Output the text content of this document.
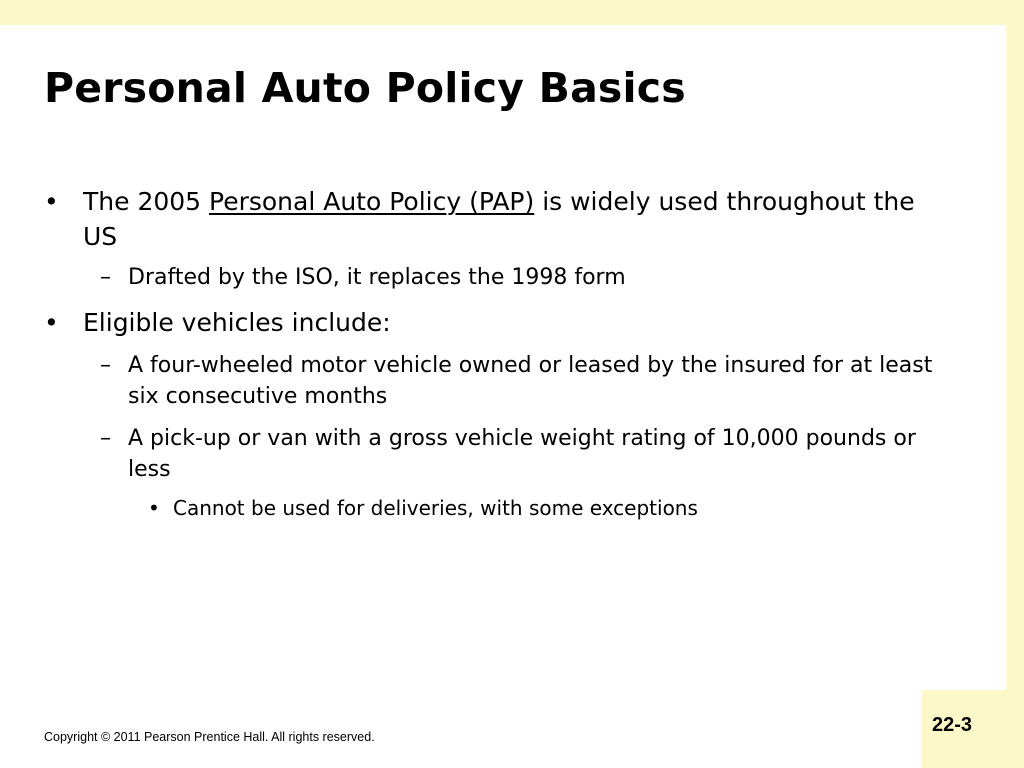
Personal Auto Policy Basics

• The 2005 Personal Auto Policy (PAP) is widely used throughout the US

– Drafted by the ISO, it replaces the 1998 form

• Eligible vehicles include:

– A four-wheeled motor vehicle owned or leased by the insured for at least six consecutive months

– A pick-up or van with a gross vehicle weight rating of 10,000 pounds or less

• Cannot be used for deliveries, with some exceptions

Copyright © 2011 Pearson Prentice Hall. All rights reserved.
22-3
